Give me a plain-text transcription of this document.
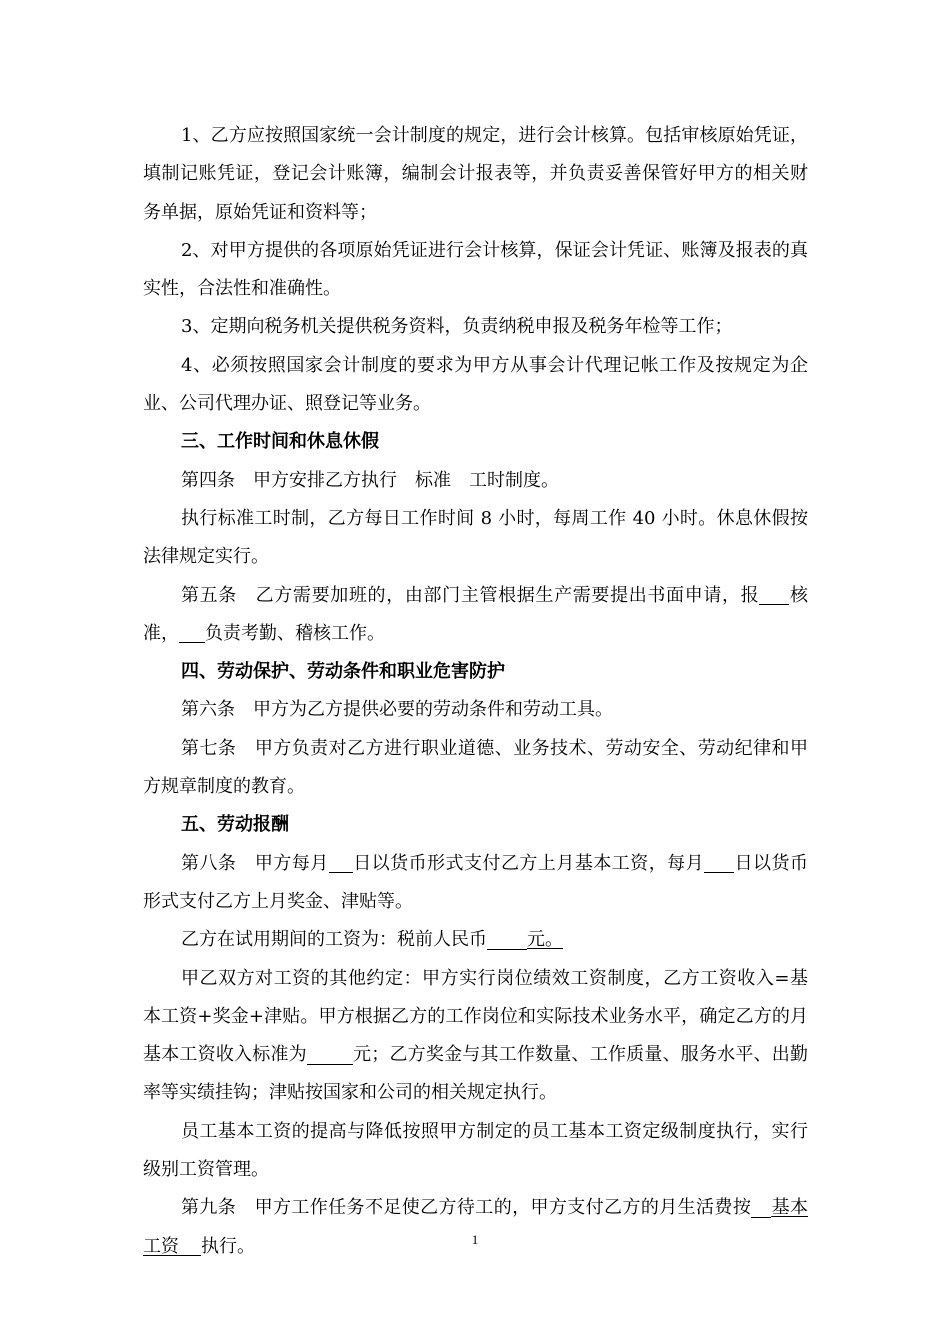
1、乙方应按照国家统一会计制度的规定，进行会计核算。包括审核原始凭证，填制记账凭证，登记会计账簿，编制会计报表等，并负责妥善保管好甲方的相关财务单据，原始凭证和资料等；

2、对甲方提供的各项原始凭证进行会计核算，保证会计凭证、账簿及报表的真实性，合法性和准确性。

3、定期向税务机关提供税务资料，负责纳税申报及税务年检等工作；

4、必须按照国家会计制度的要求为甲方从事会计代理记帐工作及按规定为企业、公司代理办证、照登记等业务。

三、工作时间和休息休假

第四条　甲方安排乙方执行　标准　工时制度。

执行标准工时制，乙方每日工作时间 8 小时，每周工作 40 小时。休息休假按法律规定实行。

第五条　乙方需要加班的，由部门主管根据生产需要提出书面申请，报 核准， 负责考勤、稽核工作。

四、劳动保护、劳动条件和职业危害防护

第六条　甲方为乙方提供必要的劳动条件和劳动工具。

第七条　甲方负责对乙方进行职业道德、业务技术、劳动安全、劳动纪律和甲方规章制度的教育。

五、劳动报酬

第八条　甲方每月 日以货币形式支付乙方上月基本工资，每月 日以货币形式支付乙方上月奖金、津贴等。

乙方在试用期间的工资为：税前人民币 元。

甲乙双方对工资的其他约定：甲方实行岗位绩效工资制度，乙方工资收入=基本工资+奖金+津贴。甲方根据乙方的工作岗位和实际技术业务水平，确定乙方的月基本工资收入标准为	元；乙方奖金与其工作数量、工作质量、服务水平、出勤率等实绩挂钩；津贴按国家和公司的相关规定执行。

员工基本工资的提高与降低按照甲方制定的员工基本工资定级制度执行，实行级别工资管理。

第九条　甲方工作任务不足使乙方待工的，甲方支付乙方的月生活费按 基本工资 执行。	1
